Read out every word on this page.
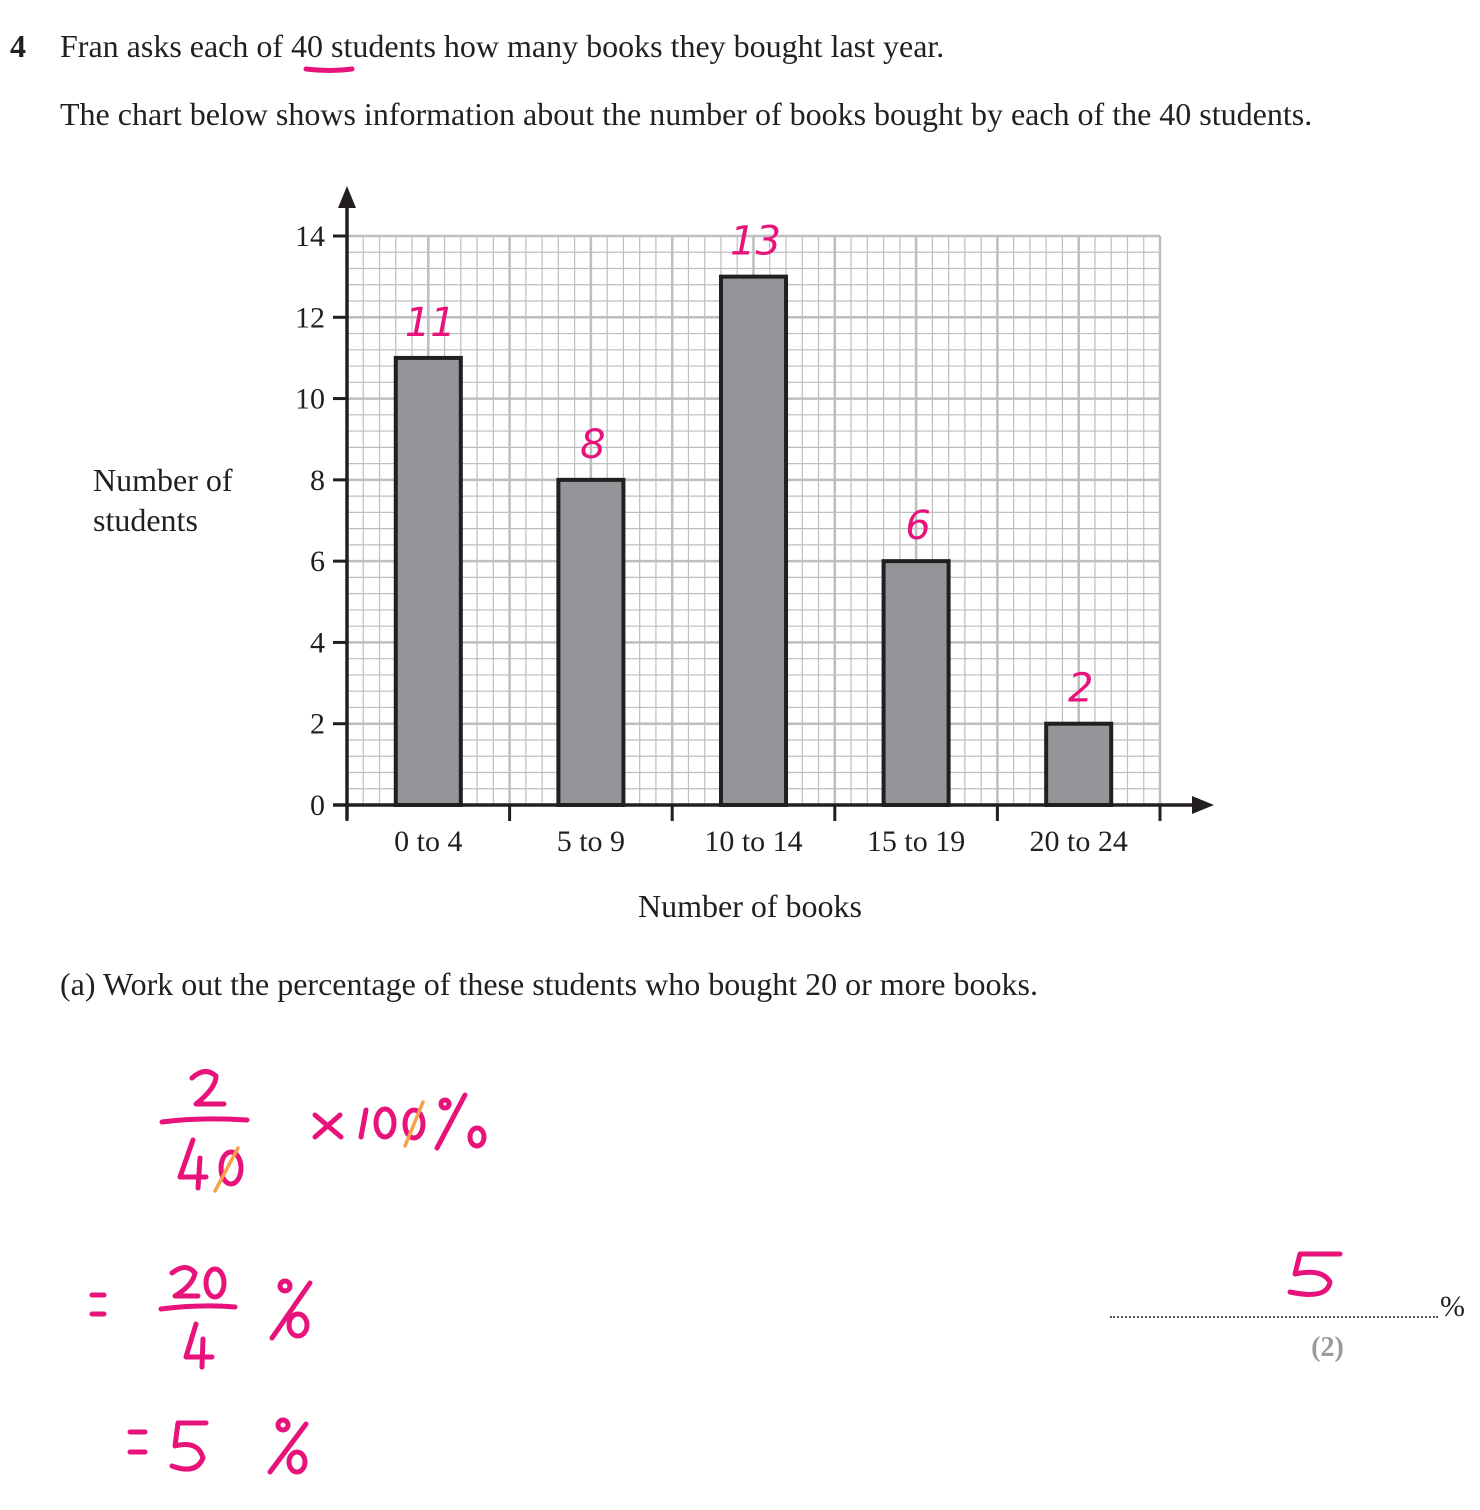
4 Fran asks each of 40 students how many books they bought last year.
The chart below shows information about the number of books bought by each of the 40 students.
0 to 4
11
5 to 9
8
10 to 14
13
15 to 19
6
20 to 24
2
0
2
4
6
8
10
12
14
Number of students
Number of books
(a) Work out the percentage of these students who bought 20 or more books.
%
(2)
